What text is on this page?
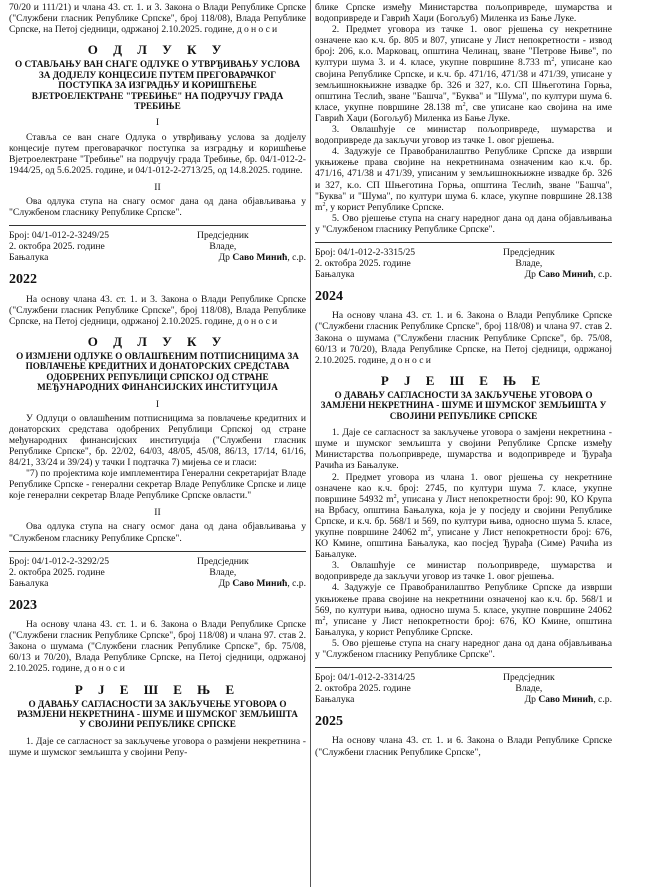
70/20 и 111/21) и члана 43. ст. 1. и 3. Закона о Влади Републике Српске ("Службени гласник Републике Српске", број 118/08), Влада Републике Српске, на Петој сједници, одржаној 2.10.2025. године, доноси

О Д Л У К У
О СТАВЉАЊУ ВАН СНАГЕ ОДЛУКЕ О УТВРЂИВАЊУ УСЛОВА ЗА ДОДЈЕЛУ КОНЦЕСИЈЕ ПУТЕМ ПРЕГОВАРАЧКОГ ПОСТУПКА ЗА ИЗГРАДЊУ И КОРИШЋЕЊЕ ВЈЕТРОЕЛЕКТРАНЕ "ТРЕБИЊЕ" НА ПОДРУЧЈУ ГРАДА ТРЕБИЊЕ
I

Ставља се ван снаге Одлука о утврђивању услова за додјелу концесије путем преговарачког поступка за изградњу и коришћење Вјетроелектране "Требиње" на подручју града Требиње, бр. 04/1-012-2-1944/25, од 5.6.2025. године, и 04/1-012-2-2713/25, од 14.8.2025. године.

II

Ова одлука ступа на снагу осмог дана од дана објављивања у "Службеном гласнику Републике Српске".

Број: 04/1-012-2-3249/25	Предсједник
2. октобра 2025. године	Владе,
Бањалука	Др Саво Минић, с.р.
2022

На основу члана 43. ст. 1. и 3. Закона о Влади Републике Српске ("Службени гласник Републике Српске", број 118/08), Влада Републике Српске, на Петој сједници, одржаној 2.10.2025. године, доноси

О Д Л У К У
О ИЗМЈЕНИ ОДЛУКЕ О ОВЛАШЋЕНИМ ПОТПИСНИЦИМА ЗА ПОВЛАЧЕЊЕ КРЕДИТНИХ И ДОНАТОРСКИХ СРЕДСТАВА ОДОБРЕНИХ РЕПУБЛИЦИ СРПСКОЈ ОД СТРАНЕ МЕЂУНАРОДНИХ ФИНАНСИЈСКИХ ИНСТИТУЦИЈА
I

У Одлуци о овлашћеним потписницима за повлачење кредитних и донаторских средстава одобрених Републици Српској од стране међународних финансијских институција ("Службени гласник Републике Српске", бр. 22/02, 64/03, 48/05, 45/08, 86/13, 17/14, 61/16, 84/21, 33/24 и 39/24) у тачки I подтачка 7) мијења се и гласи:

"7) по пројектима које имплементира Генерални секретаријат Владе Републике Српске - генерални секретар Владе Републике Српске и лице које генерални секретар Владе Републике Српске овласти."

II

Ова одлука ступа на снагу осмог дана од дана објављивања у "Службеном гласнику Републике Српске".

Број: 04/1-012-2-3292/25	Предсједник
2. октобра 2025. године	Владе,
Бањалука	Др Саво Минић, с.р.
2023

На основу члана 43. ст. 1. и 6. Закона о Влади Републике Српске ("Службени гласник Републике Српске", број 118/08) и члана 97. став 2. Закона о шумама ("Службени гласник Републике Српске", бр. 75/08, 60/13 и 70/20), Влада Републике Српске, на Петој сједници, одржаној 2.10.2025. године, доноси

Р Ј Е Ш Е Њ Е
О ДАВАЊУ САГЛАСНОСТИ ЗА ЗАКЉУЧЕЊЕ УГОВОРА О РАЗМЈЕНИ НЕКРЕТНИНА - ШУМЕ И ШУМСКОГ ЗЕМЉИШТА У СВОЈИНИ РЕПУБЛИКЕ СРПСКЕ

1. Даје се сагласност за закључење уговора о размјени некретнина - шуме и шумског земљишта у својини Репу-

блике Српске између Министарства пољопривреде, шумарства и водопривреде и Гаврић Хаџи (Богољуб) Миленка из Бање Луке.

2. Предмет уговора из тачке 1. овог рјешења су некретнине означене као к.ч. бр. 805 и 807, уписане у Лист непокретности - извод број: 206, к.о. Марковац, општина Челинац, зване "Петрове Њиве", по култури шума 3. и 4. класе, укупне површине 8.733 $m^2$, уписане као својина Републике Српске, и к.ч. бр. 471/16, 471/38 и 471/39, уписане у земљишнокњижне извадке бр. 326 и 327, к.о. СП Шњеготина Горња, општина Теслић, зване "Башча", "Буква" и "Шума", по култури шума 6. класе, укупне површине 28.138 $m^2$, све уписане као својина на име Гаврић Хаџи (Богољуб) Миленка из Бање Луке.

3. Овлашћује се министар пољопривреде, шумарства и водопривреде да закључи уговор из тачке 1. овог рјешења.

4. Задужује се Правобранилаштво Републике Српске да изврши укњижење права својине на некретнинама означеним као к.ч. бр. 471/16, 471/38 и 471/39, уписаним у земљишнокњижне извадке бр. 326 и 327, к.о. СП Шњеготина Горња, општина Теслић, зване "Башча", "Буква" и "Шума", по култури шума 6. класе, укупне површине 28.138 $m^2$, у корист Републике Српске.

5. Ово рјешење ступа на снагу наредног дана од дана објављивања у "Службеном гласнику Републике Српске".

Број: 04/1-012-2-3315/25	Предсједник
2. октобра 2025. године	Владе,
Бањалука	Др Саво Минић, с.р.
2024

На основу члана 43. ст. 1. и 6. Закона о Влади Републике Српске ("Службени гласник Републике Српске", број 118/08) и члана 97. став 2. Закона о шумама ("Службени гласник Републике Српске", бр. 75/08, 60/13 и 70/20), Влада Републике Српске, на Петој сједници, одржаној 2.10.2025. године, доноси

Р Ј Е Ш Е Њ Е
О ДАВАЊУ САГЛАСНОСТИ ЗА ЗАКЉУЧЕЊЕ УГОВОРА О ЗАМЈЕНИ НЕКРЕТНИНА - ШУМЕ И ШУМСКОГ ЗЕМЉИШТА У СВОЈИНИ РЕПУБЛИКЕ СРПСКЕ

1. Даје се сагласност за закључење уговора о замјени некретнина - шуме и шумског земљишта у својини Републике Српске између Министарства пољопривреде, шумарства и водопривреде и Ђурађа Рачића из Бањалуке.

2. Предмет уговора из члана 1. овог рјешења су некретнине означене као к.ч. број: 2745, по култури шума 7. класе, укупне површине 54932 $m^2$, уписана у Лист непокретности број: 90, КО Крупа на Врбасу, општина Бањалука, која је у посједу и својини Републике Српске, и к.ч. бр. 568/1 и 569, по култури њива, односно шума 5. класе, укупне површине 24062 $m^2$, уписане у Лист непокретности број: 676, КО Кмине, општина Бањалука, као посјед Ђурађа (Симе) Рачића из Бањалуке.

3. Овлашћује се министар пољопривреде, шумарства и водопривреде да закључи уговор из тачке 1. овог рјешења.

4. Задужује се Правобранилаштво Републике Српске да изврши укњижење права својине на некретнини означеној као к.ч. бр. 568/1 и 569, по култури њива, односно шума 5. класе, укупне површине 24062 $m^2$, уписане у Лист непокретности број: 676, КО Кмине, општина Бањалука, у корист Републике Српске.

5. Ово рјешење ступа на снагу наредног дана од дана објављивања у "Службеном гласнику Републике Српске".

Број: 04/1-012-2-3314/25	Предсједник
2. октобра 2025. године	Владе,
Бањалука	Др Саво Минић, с.р.
2025

На основу члана 43. ст. 1. и 6. Закона о Влади Републике Српске ("Службени гласник Републике Српске",
